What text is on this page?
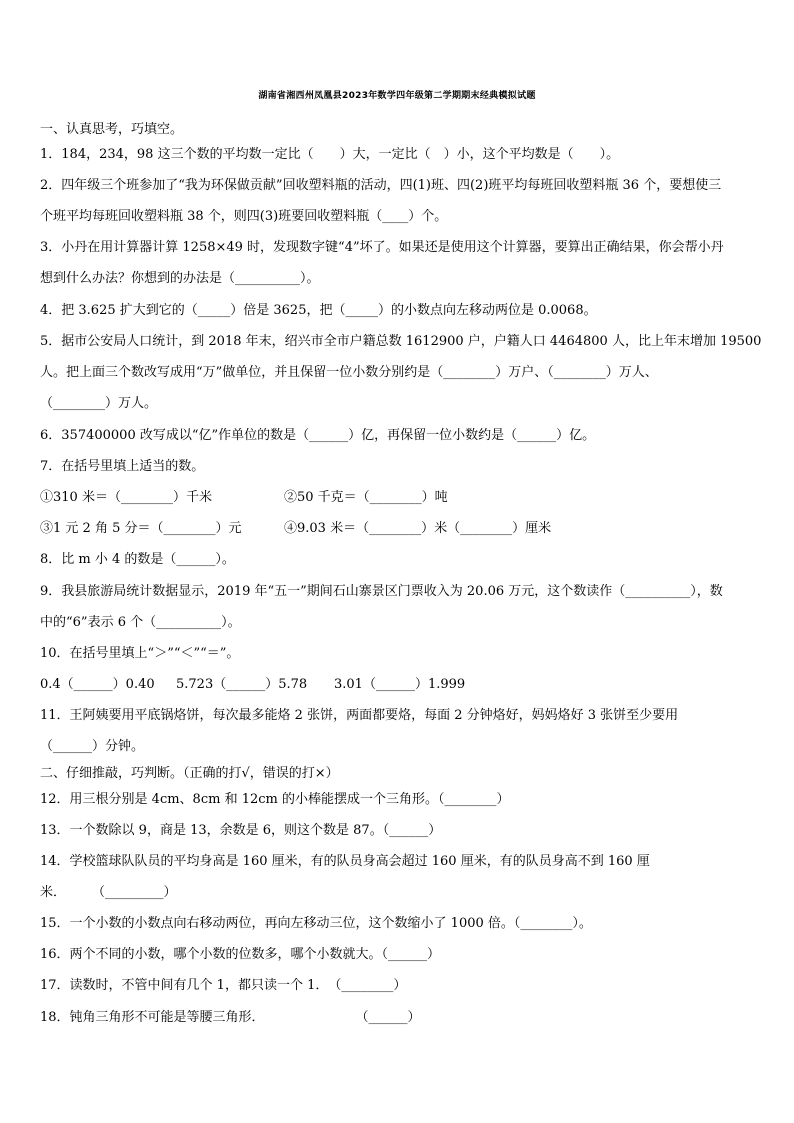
湖南省湘西州凤凰县2023年数学四年级第二学期期末经典模拟试题
一、认真思考，巧填空。
1．184，234，98 这三个数的平均数一定比（　　）大，一定比（　）小，这个平均数是（　　）。
2．四年级三个班参加了“我为环保做贡献”回收塑料瓶的活动，四(1)班、四(2)班平均每班回收塑料瓶 36 个，要想使三
个班平均每班回收塑料瓶 38 个，则四(3)班要回收塑料瓶（____）个。
3．小丹在用计算器计算 1258×49 时，发现数字键“4”坏了。如果还是使用这个计算器，要算出正确结果，你会帮小丹
想到什么办法？你想到的办法是（__________）。
4．把 3.625 扩大到它的（_____）倍是 3625，把（_____）的小数点向左移动两位是 0.0068。
5．据市公安局人口统计，到 2018 年末，绍兴市全市户籍总数 1612900 户，户籍人口 4464800 人，比上年末增加 19500
人。把上面三个数改写成用“万”做单位，并且保留一位小数分别约是（________）万户、（________）万人、
（________）万人。
6．357400000 改写成以“亿”作单位的数是（______）亿，再保留一位小数约是（______）亿。
7．在括号里填上适当的数。
①310 米＝（________）千米	②50 千克＝（________）吨
③1 元 2 角 5 分＝（________）元	④9.03 米＝（________）米（________）厘米
8．比 m 小 4 的数是（______）。
9．我县旅游局统计数据显示，2019 年“五一”期间石山寨景区门票收入为 20.06 万元，这个数读作（__________），数
中的“6”表示 6 个（__________）。
10．在括号里填上“＞”“＜”“＝”。
0.4（______）0.40 5.723（______）5.78 3.01（______）1.999
11．王阿姨要用平底锅烙饼，每次最多能烙 2 张饼，两面都要烙，每面 2 分钟烙好，妈妈烙好 3 张饼至少要用
（______）分钟。
二、仔细推敲，巧判断。（正确的打√，错误的打×）
12．用三根分别是 4cm、8cm 和 12cm 的小棒能摆成一个三角形。（________）
13．一个数除以 9，商是 13，余数是 6，则这个数是 87。（______）
14．学校篮球队队员的平均身高是 160 厘米，有的队员身高会超过 160 厘米，有的队员身高不到 160 厘
米．　　　（_________）
15．一个小数的小数点向右移动两位，再向左移动三位，这个数缩小了 1000 倍。（________）。
16．两个不同的小数，哪个小数的位数多，哪个小数就大。（______）
17．读数时，不管中间有几个 1，都只读一个 1．　（________）
18．钝角三角形不可能是等腰三角形．　　　　　　　　（______）
